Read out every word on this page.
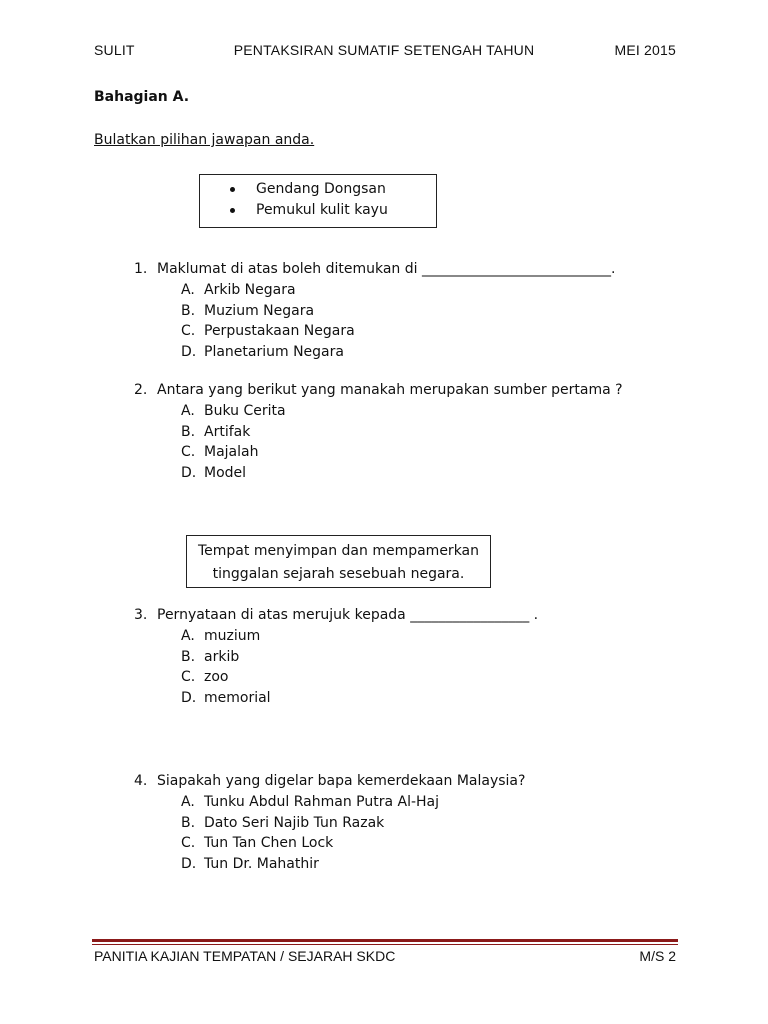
SULIT	PENTAKSIRAN SUMATIF SETENGAH TAHUN	MEI 2015
Bahagian A.
Bulatkan pilihan jawapan anda.
Gendang Dongsan
Pemukul kulit kayu
1. Maklumat di atas boleh ditemukan di ___________________________.
A. Arkib Negara
B. Muzium Negara
C. Perpustakaan Negara
D. Planetarium Negara
2. Antara yang berikut yang manakah merupakan sumber pertama ?
A. Buku Cerita
B. Artifak
C. Majalah
D. Model
Tempat menyimpan dan mempamerkan
tinggalan sejarah sesebuah negara.
3. Pernyataan di atas merujuk kepada _________________ .
A. muzium
B. arkib
C. zoo
D. memorial
4. Siapakah yang digelar bapa kemerdekaan Malaysia?
A. Tunku Abdul Rahman Putra Al-Haj
B. Dato Seri Najib Tun Razak
C. Tun Tan Chen Lock
D. Tun Dr. Mahathir
PANITIA KAJIAN TEMPATAN / SEJARAH SKDC	M/S 2
